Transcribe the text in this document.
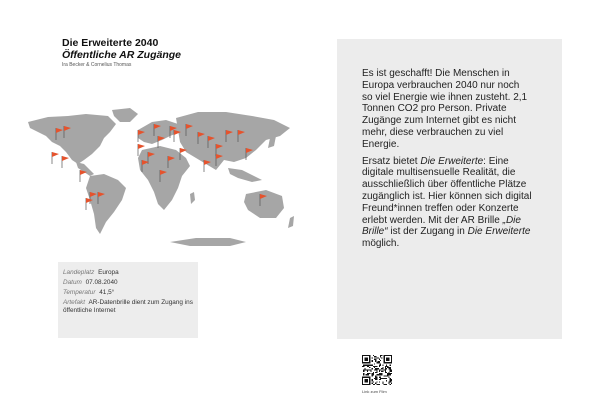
Die Erweiterte 2040
Öffentliche AR Zugänge
Ira Becker & Cornelius Thomas
Landeplatz Europa
Datum 07.08.2040
Temperatur 41,5°
Artefakt AR-Datenbrille dient zum Zugang ins öffentliche Internet

Es ist geschafft! Die Menschen in Europa verbrauchen 2040 nur noch so viel Energie wie ihnen zusteht. 2,1 Tonnen CO2 pro Person. Private Zugänge zum Internet gibt es nicht mehr, diese verbrauchen zu viel Energie.

Ersatz bietet Die Erweiterte: Eine digitale multisensuelle Realität, die ausschließlich über öffentliche Plätze zugänglich ist. Hier können sich digital Freund*innen treffen oder Konzerte erlebt werden. Mit der AR Brille „Die Brille“ ist der Zugang in Die Erweiterte möglich.

Link zum Film
